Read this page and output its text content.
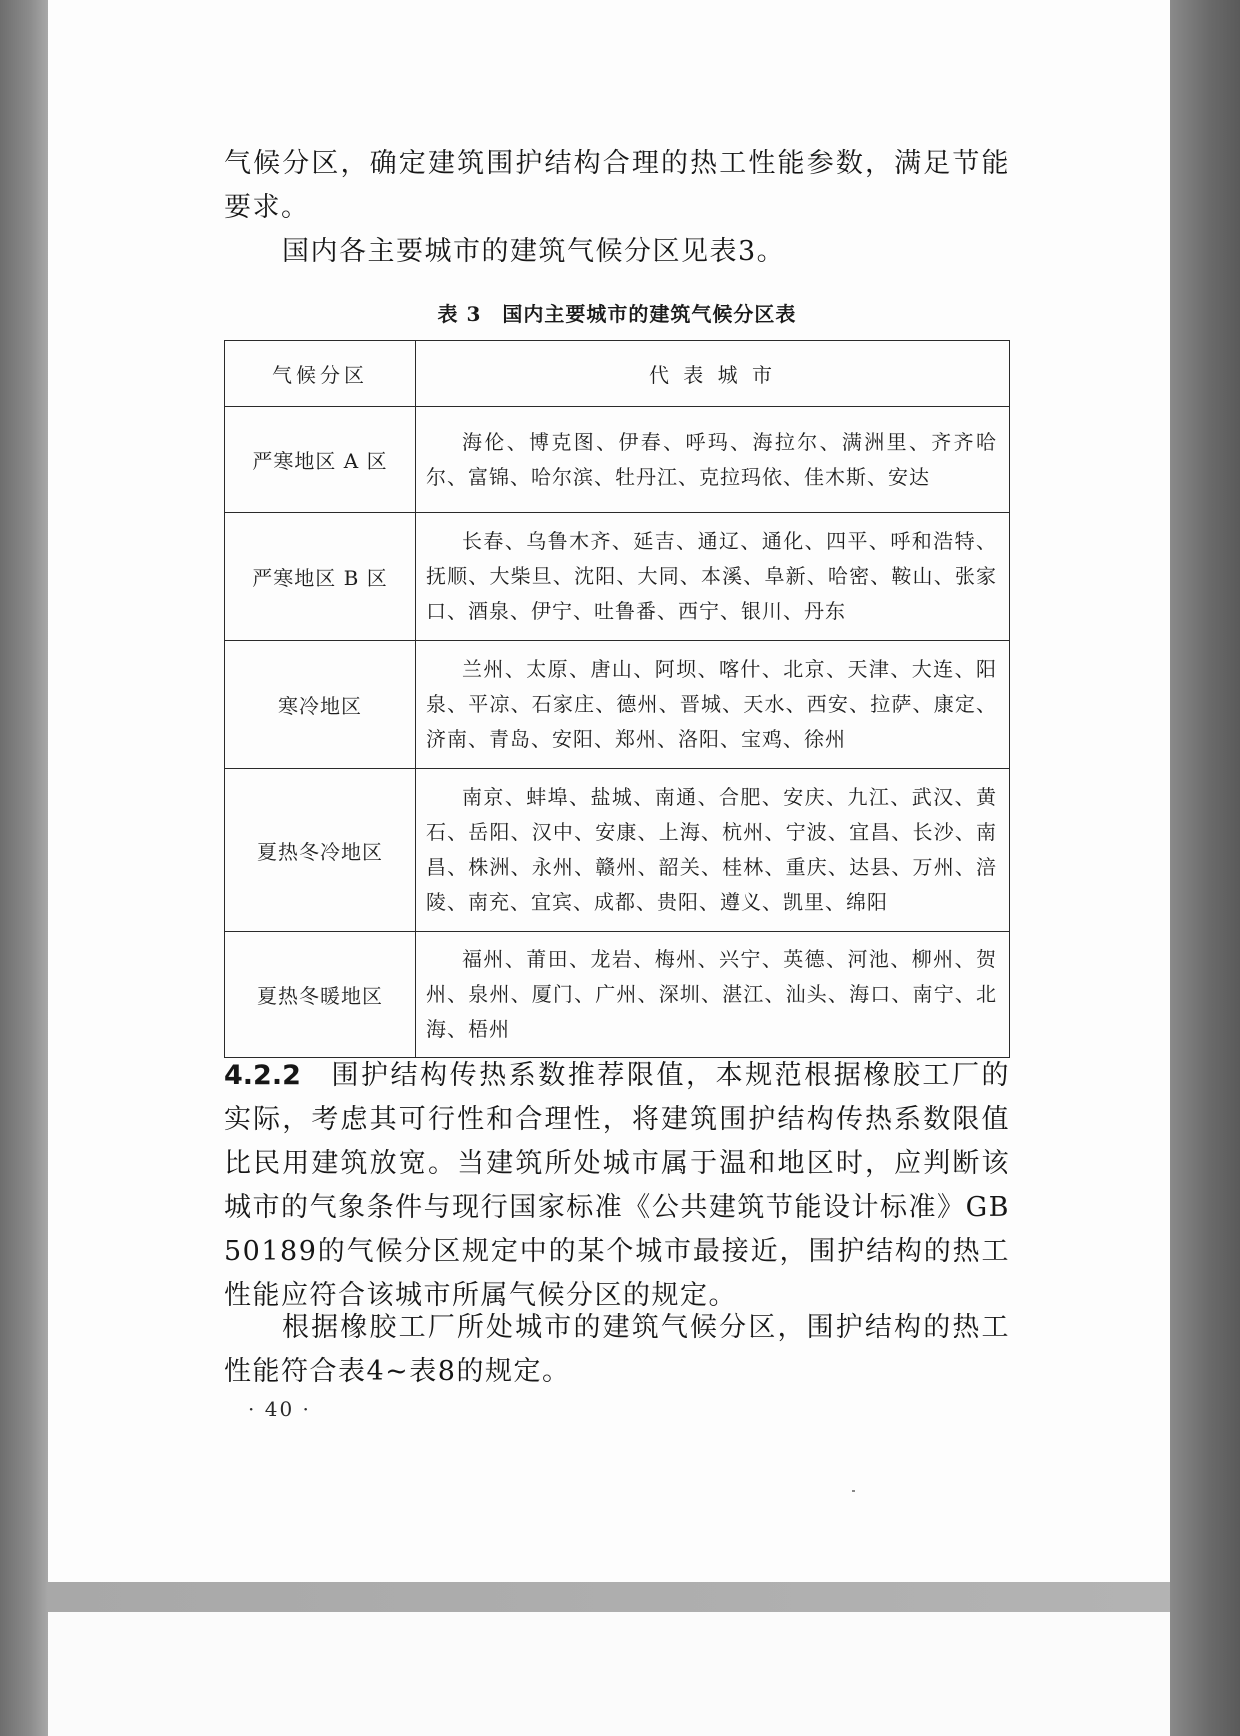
气候分区，确定建筑围护结构合理的热工性能参数，满足节能要求。

国内各主要城市的建筑气候分区见表3。

表 3　国内主要城市的建筑气候分区表
气候分区	代 表 城 市
严寒地区 A 区	海伦、博克图、伊春、呼玛、海拉尔、满洲里、齐齐哈尔、富锦、哈尔滨、牡丹江、克拉玛依、佳木斯、安达
严寒地区 B 区	长春、乌鲁木齐、延吉、通辽、通化、四平、呼和浩特、抚顺、大柴旦、沈阳、大同、本溪、阜新、哈密、鞍山、张家口、酒泉、伊宁、吐鲁番、西宁、银川、丹东
寒冷地区	兰州、太原、唐山、阿坝、喀什、北京、天津、大连、阳泉、平凉、石家庄、德州、晋城、天水、西安、拉萨、康定、济南、青岛、安阳、郑州、洛阳、宝鸡、徐州
夏热冬冷地区	南京、蚌埠、盐城、南通、合肥、安庆、九江、武汉、黄石、岳阳、汉中、安康、上海、杭州、宁波、宜昌、长沙、南昌、株洲、永州、赣州、韶关、桂林、重庆、达县、万州、涪陵、南充、宜宾、成都、贵阳、遵义、凯里、绵阳
夏热冬暖地区	福州、莆田、龙岩、梅州、兴宁、英德、河池、柳州、贺州、泉州、厦门、广州、深圳、湛江、汕头、海口、南宁、北海、梧州

4.2.2　 围护结构传热系数推荐限值，本规范根据橡胶工厂的实际，考虑其可行性和合理性，将建筑围护结构传热系数限值比民用建筑放宽。当建筑所处城市属于温和地区时，应判断该城市的气象条件与现行国家标准《公共建筑节能设计标准》GB 50189的气候分区规定中的某个城市最接近，围护结构的热工性能应符合该城市所属气候分区的规定。

根据橡胶工厂所处城市的建筑气候分区，围护结构的热工性能符合表4~表8的规定。

· 40 ·
